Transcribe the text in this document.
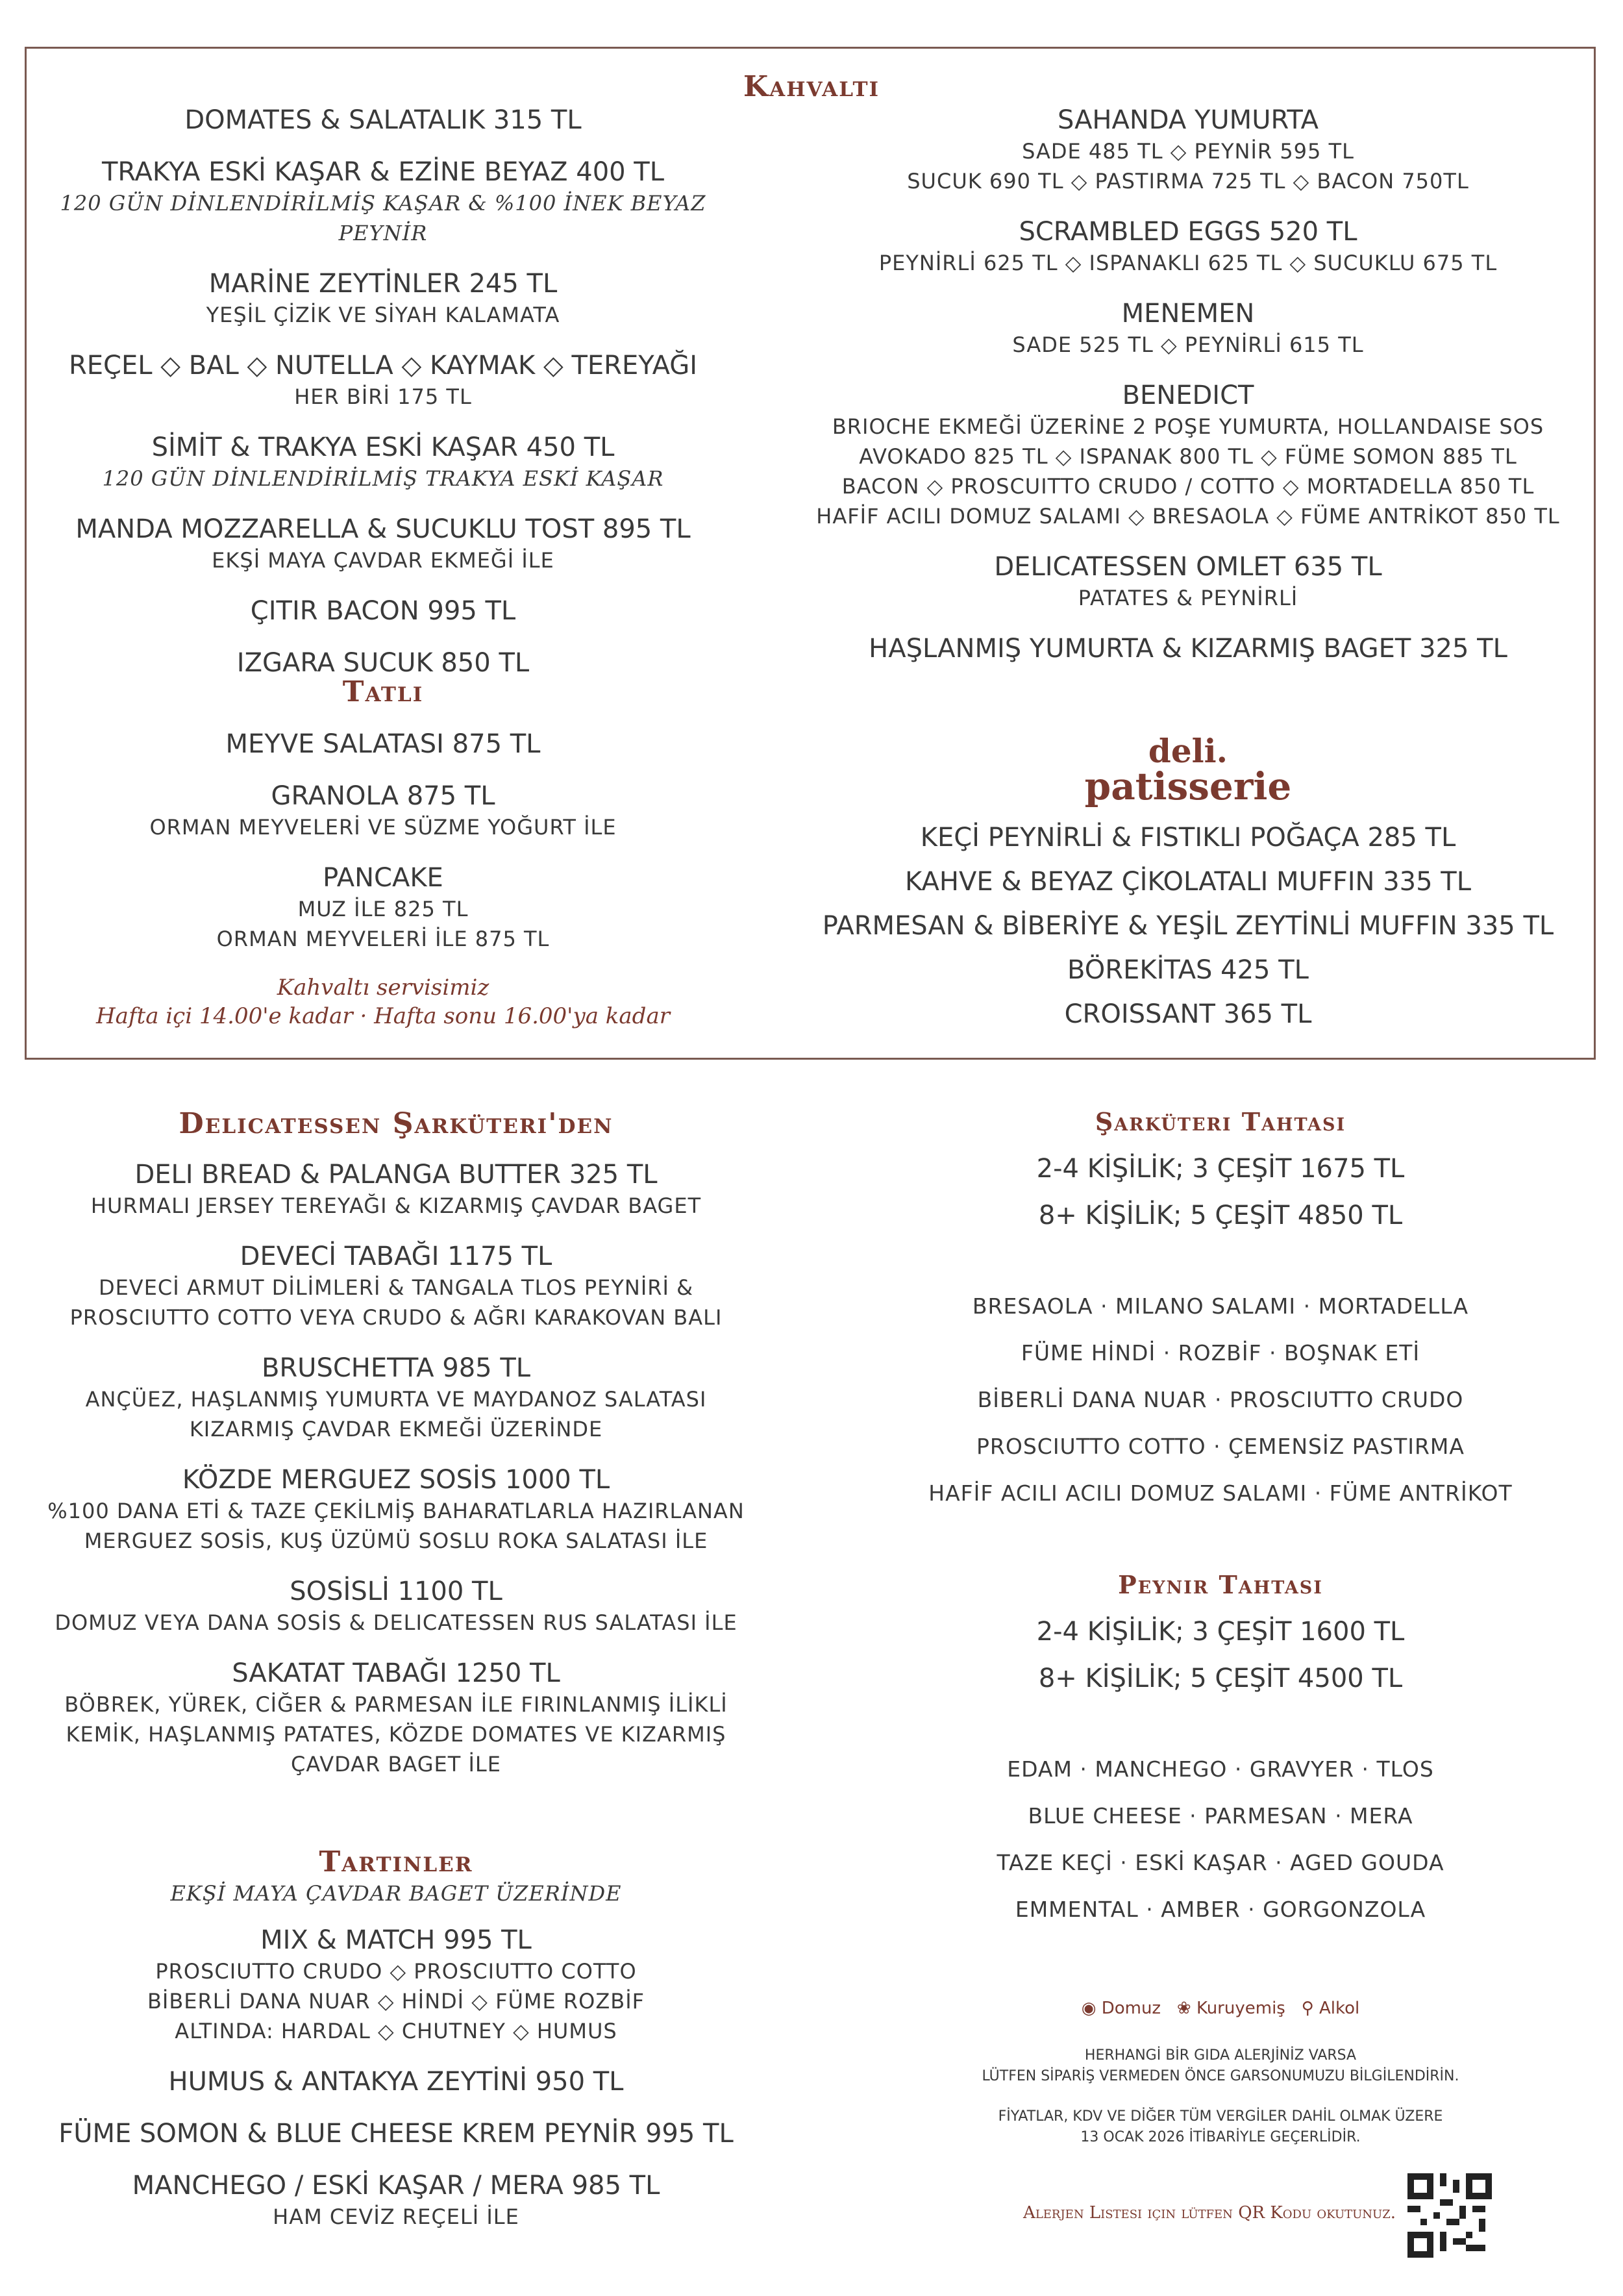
Kahvaltı
DOMATES & SALATALIK 315 TL
TRAKYA ESKİ KAŞAR & EZİNE BEYAZ 400 TL
120 GÜN DİNLENDİRİLMİŞ KAŞAR & %100 İNEK BEYAZ PEYNİR
MARİNE ZEYTİNLER 245 TL
YEŞİL ÇİZİK VE SİYAH KALAMATA
REÇEL ◇ BAL ◇ NUTELLA ◇ KAYMAK ◇ TEREYAĞI
HER BİRİ 175 TL
SİMİT & TRAKYA ESKİ KAŞAR 450 TL
120 GÜN DİNLENDİRİLMİŞ TRAKYA ESKİ KAŞAR
MANDA MOZZARELLA & SUCUKLU TOST 895 TL
EKŞİ MAYA ÇAVDAR EKMEĞİ İLE
ÇITIR BACON 995 TL
IZGARA SUCUK 850 TL
Tatlı
MEYVE SALATASI 875 TL
GRANOLA 875 TL
ORMAN MEYVELERİ VE SÜZME YOĞURT İLE
PANCAKE
MUZ İLE 825 TL
ORMAN MEYVELERİ İLE 875 TL
Kahvaltı servisimiz
Hafta içi 14.00'e kadar · Hafta sonu 16.00'ya kadar
SAHANDA YUMURTA
SADE 485 TL ◇ PEYNİR 595 TL
SUCUK 690 TL ◇ PASTIRMA 725 TL ◇ BACON 750TL
SCRAMBLED EGGS 520 TL
PEYNİRLİ 625 TL ◇ ISPANAKLI 625 TL ◇ SUCUKLU 675 TL
MENEMEN
SADE 525 TL ◇ PEYNİRLİ 615 TL
BENEDICT
BRIOCHE EKMEĞİ ÜZERİNE 2 POŞE YUMURTA, HOLLANDAISE SOS
AVOKADO 825 TL ◇ ISPANAK 800 TL ◇ FÜME SOMON 885 TL
BACON ◇ PROSCUITTO CRUDO / COTTO ◇ MORTADELLA 850 TL
HAFİF ACILI DOMUZ SALAMI ◇ BRESAOLA ◇ FÜME ANTRİKOT 850 TL
DELICATESSEN OMLET 635 TL
PATATES & PEYNİRLİ
HAŞLANMIŞ YUMURTA & KIZARMIŞ BAGET 325 TL
deli.
patisserie
KEÇİ PEYNİRLİ & FISTIKLI POĞAÇA 285 TL
KAHVE & BEYAZ ÇİKOLATALI MUFFIN 335 TL
PARMESAN & BİBERİYE & YEŞİL ZEYTİNLİ MUFFIN 335 TL
BÖREKİTAS 425 TL
CROISSANT 365 TL
Delicatessen Şarküteri'den
DELI BREAD & PALANGA BUTTER 325 TL
HURMALI JERSEY TEREYAĞI & KIZARMIŞ ÇAVDAR BAGET
DEVECİ TABAĞI 1175 TL
DEVECİ ARMUT DİLİMLERİ & TANGALA TLOS PEYNİRİ &
PROSCIUTTO COTTO VEYA CRUDO & AĞRI KARAKOVAN BALI
BRUSCHETTA 985 TL
ANÇÜEZ, HAŞLANMIŞ YUMURTA VE MAYDANOZ SALATASI
KIZARMIŞ ÇAVDAR EKMEĞİ ÜZERİNDE
KÖZDE MERGUEZ SOSİS 1000 TL
%100 DANA ETİ & TAZE ÇEKİLMİŞ BAHARATLARLA HAZIRLANAN
MERGUEZ SOSİS, KUŞ ÜZÜMÜ SOSLU ROKA SALATASI İLE
SOSİSLİ 1100 TL
DOMUZ VEYA DANA SOSİS & DELICATESSEN RUS SALATASI İLE
SAKATAT TABAĞI 1250 TL
BÖBREK, YÜREK, CİĞER & PARMESAN İLE FIRINLANMIŞ İLİKLİ
KEMİK, HAŞLANMIŞ PATATES, KÖZDE DOMATES VE KIZARMIŞ
ÇAVDAR BAGET İLE
Tartinler
EKŞİ MAYA ÇAVDAR BAGET ÜZERİNDE
MIX & MATCH 995 TL
PROSCIUTTO CRUDO ◇ PROSCIUTTO COTTO
BİBERLİ DANA NUAR ◇ HİNDİ ◇ FÜME ROZBİF
ALTINDA: HARDAL ◇ CHUTNEY ◇ HUMUS
HUMUS & ANTAKYA ZEYTİNİ 950 TL
FÜME SOMON & BLUE CHEESE KREM PEYNİR 995 TL
MANCHEGO / ESKİ KAŞAR / MERA 985 TL
HAM CEVİZ REÇELİ İLE
Şarküteri Tahtası
2-4 KİŞİLİK; 3 ÇEŞİT 1675 TL
8+ KİŞİLİK; 5 ÇEŞİT 4850 TL
BRESAOLA · MILANO SALAMI · MORTADELLA
FÜME HİNDİ · ROZBİF · BOŞNAK ETİ
BİBERLİ DANA NUAR · PROSCIUTTO CRUDO
PROSCIUTTO COTTO · ÇEMENSİZ PASTIRMA
HAFİF ACILI ACILI DOMUZ SALAMI · FÜME ANTRİKOT
Peynir Tahtası
2-4 KİŞİLİK; 3 ÇEŞİT 1600 TL
8+ KİŞİLİK; 5 ÇEŞİT 4500 TL
EDAM · MANCHEGO · GRAVYER · TLOS
BLUE CHEESE · PARMESAN · MERA
TAZE KEÇİ · ESKİ KAŞAR · AGED GOUDA
EMMENTAL · AMBER · GORGONZOLA
◉ Domuz ❀ Kuruyemiş ⚲ Alkol
HERHANGİ BİR GIDA ALERJİNİZ VARSA
LÜTFEN SİPARİŞ VERMEDEN ÖNCE GARSONUMUZU BİLGİLENDİRİN.
FİYATLAR, KDV VE DİĞER TÜM VERGİLER DAHİL OLMAK ÜZERE
13 OCAK 2026 İTİBARİYLE GEÇERLİDİR.
Alerjen Listesi için lütfen QR Kodu okutunuz.
